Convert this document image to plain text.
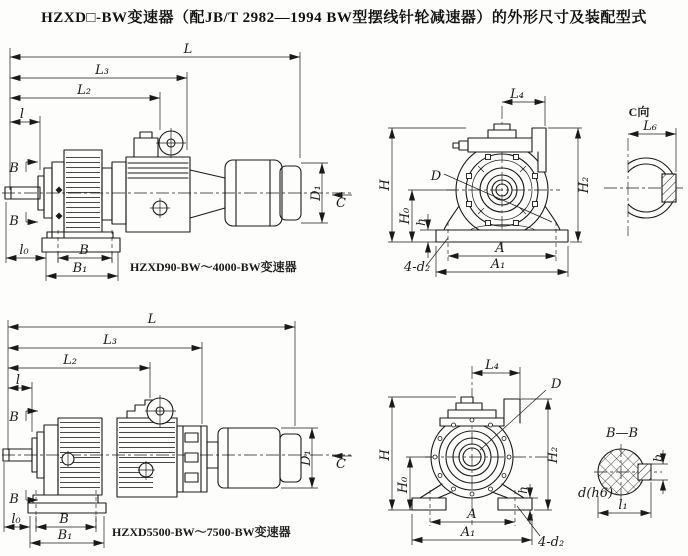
HZXD□-BW变速器（配JB/T 2982—1994 BW型摆线针轮减速器）的外形尺寸及装配型式
L
L₃
L₂
l
B
B
D₁
C
l₀	B
B₁	HZXD90-BW～4000-BW变速器
L₄
H
H₀ h
H₂
D
A
A₁
4-d₂
C向
L₆
L
L₃
L₂
l
B
B
D₁ C
l₀	B
B₁	HZXD5500-BW～7500-BW变速器
L₄
D
H
H₀
H₂
h
A
A₁
4-d₂
B—B
b
d(h6)
l₁
